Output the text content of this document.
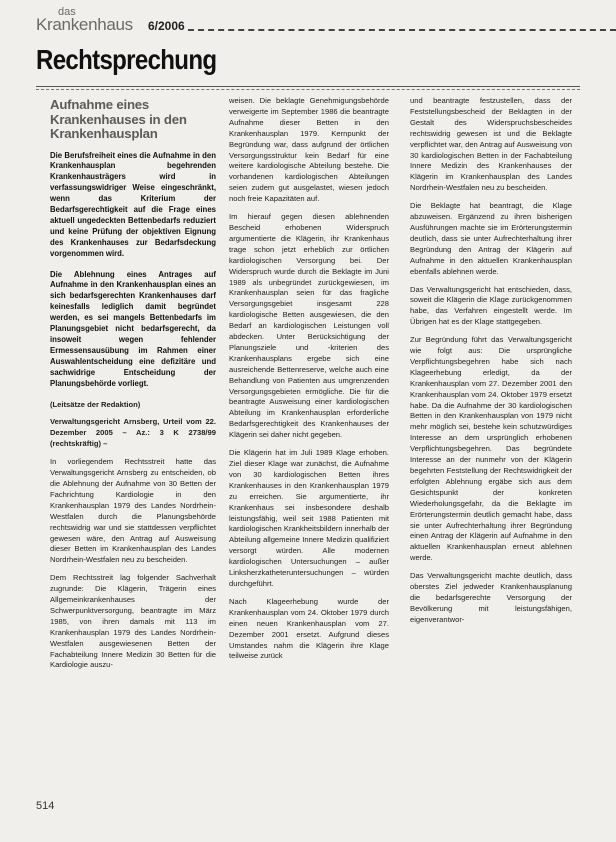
das
Krankenhaus 6/2006
Rechtsprechung
Aufnahme eines Krankenhauses in den Krankenhausplan

Die Berufsfreiheit eines die Aufnahme in den Krankenhausplan begehrenden Krankenhausträgers wird in verfassungswidriger Weise eingeschränkt, wenn das Kriterium der Bedarfsgerechtigkeit auf die Frage eines aktuell ungedeckten Bettenbedarfs reduziert und keine Prüfung der objektiven Eignung des Krankenhauses zur Bedarfsdeckung vorgenommen wird.

Die Ablehnung eines Antrages auf Aufnahme in den Krankenhausplan eines an sich bedarfsgerechten Krankenhauses darf keinesfalls lediglich damit begründet werden, es sei mangels Bettenbedarfs im Planungsgebiet nicht bedarfsgerecht, da insoweit wegen fehlender Ermessensausübung im Rahmen einer Auswahlentscheidung eine defizitäre und sachwidrige Entscheidung der Planungsbehörde vorliegt.

(Leitsätze der Redaktion)

Verwaltungsgericht Arnsberg, Urteil vom 22. Dezember 2005 – Az.: 3 K 2738/99 (rechtskräftig) –

In vorliegendem Rechtsstreit hatte das Verwaltungsgericht Arnsberg zu entscheiden, ob die Ablehnung der Aufnahme von 30 Betten der Fachrichtung Kardiologie in den Krankenhausplan 1979 des Landes Nordrhein-Westfalen durch die Planungsbehörde rechtswidrig war und sie stattdessen verpflichtet gewesen wäre, den Antrag auf Ausweisung dieser Betten im Krankenhausplan des Landes Nordrhein-Westfalen neu zu bescheiden.

Dem Rechtsstreit lag folgender Sachverhalt zugrunde: Die Klägerin, Trägerin eines Allgemeinkrankenhauses der Schwerpunktversorgung, beantragte im März 1985, von ihren damals mit 113 im Krankenhausplan 1979 des Landes Nordrhein-Westfalen ausgewiesenen Betten der Fachabteilung Innere Medizin 30 Betten für die Kardiologie auszu-

weisen. Die beklagte Genehmigungsbehörde verweigerte im September 1986 die beantragte Aufnahme dieser Betten in den Krankenhausplan 1979. Kernpunkt der Begründung war, dass aufgrund der örtlichen Versorgungsstruktur kein Bedarf für eine weitere kardiologische Abteilung bestehe. Die vorhandenen kardiologischen Abteilungen seien zudem gut ausgelastet, wiesen jedoch noch freie Kapazitäten auf.

Im hierauf gegen diesen ablehnenden Bescheid erhobenen Widerspruch argumentierte die Klägerin, ihr Krankenhaus trage schon jetzt erheblich zur örtlichen kardiologischen Versorgung bei. Der Widerspruch wurde durch die Beklagte im Juni 1989 als unbegründet zurückgewiesen, im Krankenhausplan seien für das fragliche Versorgungsgebiet insgesamt 228 kardiologische Betten ausgewiesen, die den Bedarf an kardiologischen Leistungen voll abdecken. Unter Berücksichtigung der Planungsziele und -kriterien des Krankenhausplans ergebe sich eine ausreichende Bettenreserve, welche auch eine Behandlung von Patienten aus umgrenzenden Versorgungsgebieten ermögliche. Die für die beantragte Ausweisung einer kardiologischen Abteilung im Krankenhausplan erforderliche Bedarfsgerechtigkeit des Krankenhauses der Klägerin sei daher nicht gegeben.

Die Klägerin hat im Juli 1989 Klage erhoben. Ziel dieser Klage war zunächst, die Aufnahme von 30 kardiologischen Betten ihres Krankenhauses in den Krankenhausplan 1979 zu erreichen. Sie argumentierte, ihr Krankenhaus sei insbesondere deshalb leistungsfähig, weil seit 1988 Patienten mit kardiologischen Krankheitsbildern innerhalb der Abteilung allgemeine Innere Medizin qualifiziert versorgt würden. Alle modernen kardiologischen Untersuchungen – außer Linksherzkatheteruntersuchungen – würden durchgeführt.

Nach Klageerhebung wurde der Krankenhausplan vom 24. Oktober 1979 durch einen neuen Krankenhausplan vom 27. Dezember 2001 ersetzt. Aufgrund dieses Umstandes nahm die Klägerin ihre Klage teilweise zurück

und beantragte festzustellen, dass der Feststellungsbescheid der Beklagten in der Gestalt des Widerspruchsbescheides rechtswidrig gewesen ist und die Beklagte verpflichtet war, den Antrag auf Ausweisung von 30 kardiologischen Betten in der Fachabteilung Innere Medizin des Krankenhauses der Klägerin im Krankenhausplan des Landes Nordrhein-Westfalen neu zu bescheiden.

Die Beklagte hat beantragt, die Klage abzuweisen. Ergänzend zu ihren bisherigen Ausführungen machte sie im Erörterungstermin deutlich, dass sie unter Aufrechterhaltung ihrer Begründung den Antrag der Klägerin auf Aufnahme in den aktuellen Krankenhausplan ebenfalls ablehnen werde.

Das Verwaltungsgericht hat entschieden, dass, soweit die Klägerin die Klage zurückgenommen habe, das Verfahren eingestellt werde. Im Übrigen hat es der Klage stattgegeben.

Zur Begründung führt das Verwaltungsgericht wie folgt aus: Die ursprüngliche Verpflichtungsbegehren habe sich nach Klageerhebung erledigt, da der Krankenhausplan vom 27. Dezember 2001 den Krankenhausplan vom 24. Oktober 1979 ersetzt habe. Da die Aufnahme der 30 kardiologischen Betten in den Krankenhausplan von 1979 nicht mehr möglich sei, bestehe kein schutzwürdiges Interesse an dem ursprünglich erhobenen Verpflichtungsbegehren. Das begründete Interesse an der nunmehr von der Klägerin begehrten Feststellung der Rechtswidrigkeit der erfolgten Ablehnung ergäbe sich aus dem Gesichtspunkt der konkreten Wiederholungsgefahr, da die Beklagte im Erörterungstermin deutlich gemacht habe, dass sie unter Aufrechterhaltung ihrer Begründung einen Antrag der Klägerin auf Aufnahme in den aktuellen Krankenhausplan erneut ablehnen werde.

Das Verwaltungsgericht machte deutlich, dass oberstes Ziel jedweder Krankenhausplanung die bedarfsgerechte Versorgung der Bevölkerung mit leistungsfähigen, eigenverantwor-

514
